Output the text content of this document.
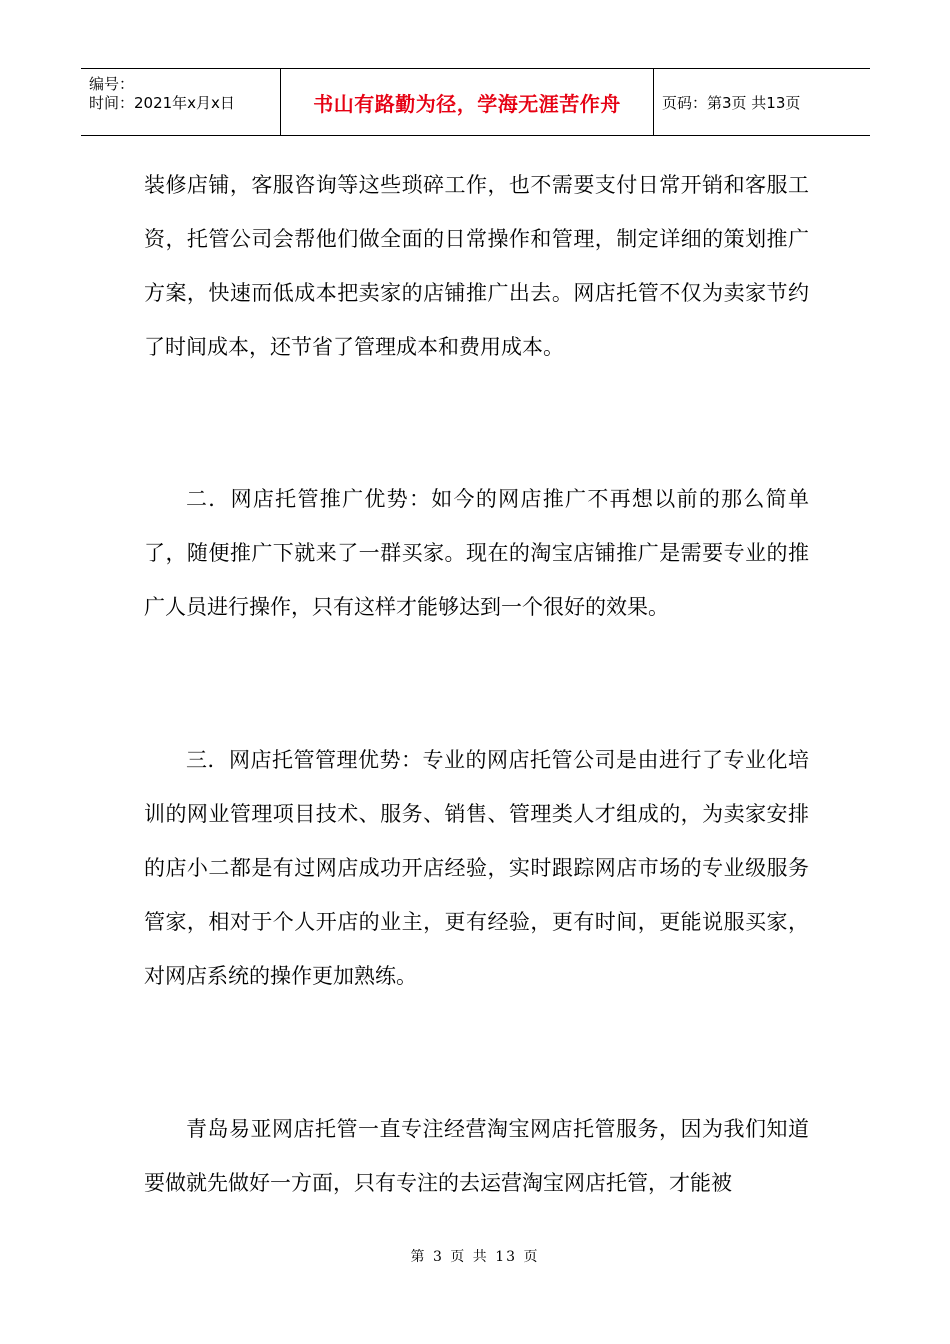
编号：
时间：2021年x月x日	书山有路勤为径，学海无涯苦作舟	页码：第3页 共13页

装修店铺，客服咨询等这些琐碎工作，也不需要支付日常开销和客服工资，托管公司会帮他们做全面的日常操作和管理，制定详细的策划推广方案，快速而低成本把卖家的店铺推广出去。网店托管不仅为卖家节约了时间成本，还节省了管理成本和费用成本。

二．网店托管推广优势：如今的网店推广不再想以前的那么简单了，随便推广下就来了一群买家。现在的淘宝店铺推广是需要专业的推广人员进行操作，只有这样才能够达到一个很好的效果。

三．网店托管管理优势：专业的网店托管公司是由进行了专业化培训的网业管理项目技术、服务、销售、管理类人才组成的，为卖家安排的店小二都是有过网店成功开店经验，实时跟踪网店市场的专业级服务管家，相对于个人开店的业主，更有经验，更有时间，更能说服买家，对网店系统的操作更加熟练。

青岛易亚网店托管一直专注经营淘宝网店托管服务，因为我们知道要做就先做好一方面，只有专注的去运营淘宝网店托管，才能被

第 3 页 共 13 页
